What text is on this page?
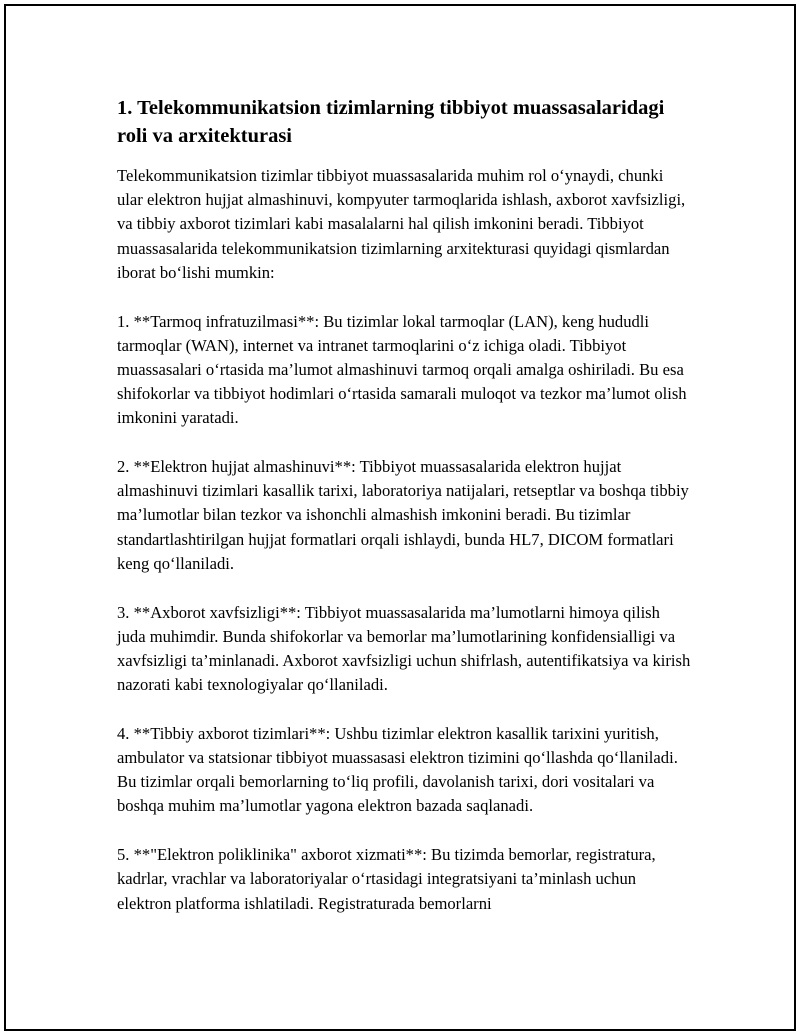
1. Telekommunikatsion tizimlarning tibbiyot muassasalaridagi roli va arxitekturasi

Telekommunikatsion tizimlar tibbiyot muassasalarida muhim rol o‘ynaydi, chunki ular elektron hujjat almashinuvi, kompyuter tarmoqlarida ishlash, axborot xavfsizligi, va tibbiy axborot tizimlari kabi masalalarni hal qilish imkonini beradi. Tibbiyot muassasalarida telekommunikatsion tizimlarning arxitekturasi quyidagi qismlardan iborat bo‘lishi mumkin:

1. **Tarmoq infratuzilmasi**: Bu tizimlar lokal tarmoqlar (LAN), keng hududli tarmoqlar (WAN), internet va intranet tarmoqlarini o‘z ichiga oladi. Tibbiyot muassasalari o‘rtasida ma’lumot almashinuvi tarmoq orqali amalga oshiriladi. Bu esa shifokorlar va tibbiyot hodimlari o‘rtasida samarali muloqot va tezkor ma’lumot olish imkonini yaratadi.

2. **Elektron hujjat almashinuvi**: Tibbiyot muassasalarida elektron hujjat almashinuvi tizimlari kasallik tarixi, laboratoriya natijalari, retseptlar va boshqa tibbiy ma’lumotlar bilan tezkor va ishonchli almashish imkonini beradi. Bu tizimlar standartlashtirilgan hujjat formatlari orqali ishlaydi, bunda HL7, DICOM formatlari keng qo‘llaniladi.

3. **Axborot xavfsizligi**: Tibbiyot muassasalarida ma’lumotlarni himoya qilish juda muhimdir. Bunda shifokorlar va bemorlar ma’lumotlarining konfidensialligi va xavfsizligi ta’minlanadi. Axborot xavfsizligi uchun shifrlash, autentifikatsiya va kirish nazorati kabi texnologiyalar qo‘llaniladi.

4. **Tibbiy axborot tizimlari**: Ushbu tizimlar elektron kasallik tarixini yuritish, ambulator va statsionar tibbiyot muassasasi elektron tizimini qo‘llashda qo‘llaniladi. Bu tizimlar orqali bemorlarning to‘liq profili, davolanish tarixi, dori vositalari va boshqa muhim ma’lumotlar yagona elektron bazada saqlanadi.

5. **"Elektron poliklinika" axborot xizmati**: Bu tizimda bemorlar, registratura, kadrlar, vrachlar va laboratoriyalar o‘rtasidagi integratsiyani ta’minlash uchun elektron platforma ishlatiladi. Registraturada bemorlarni
